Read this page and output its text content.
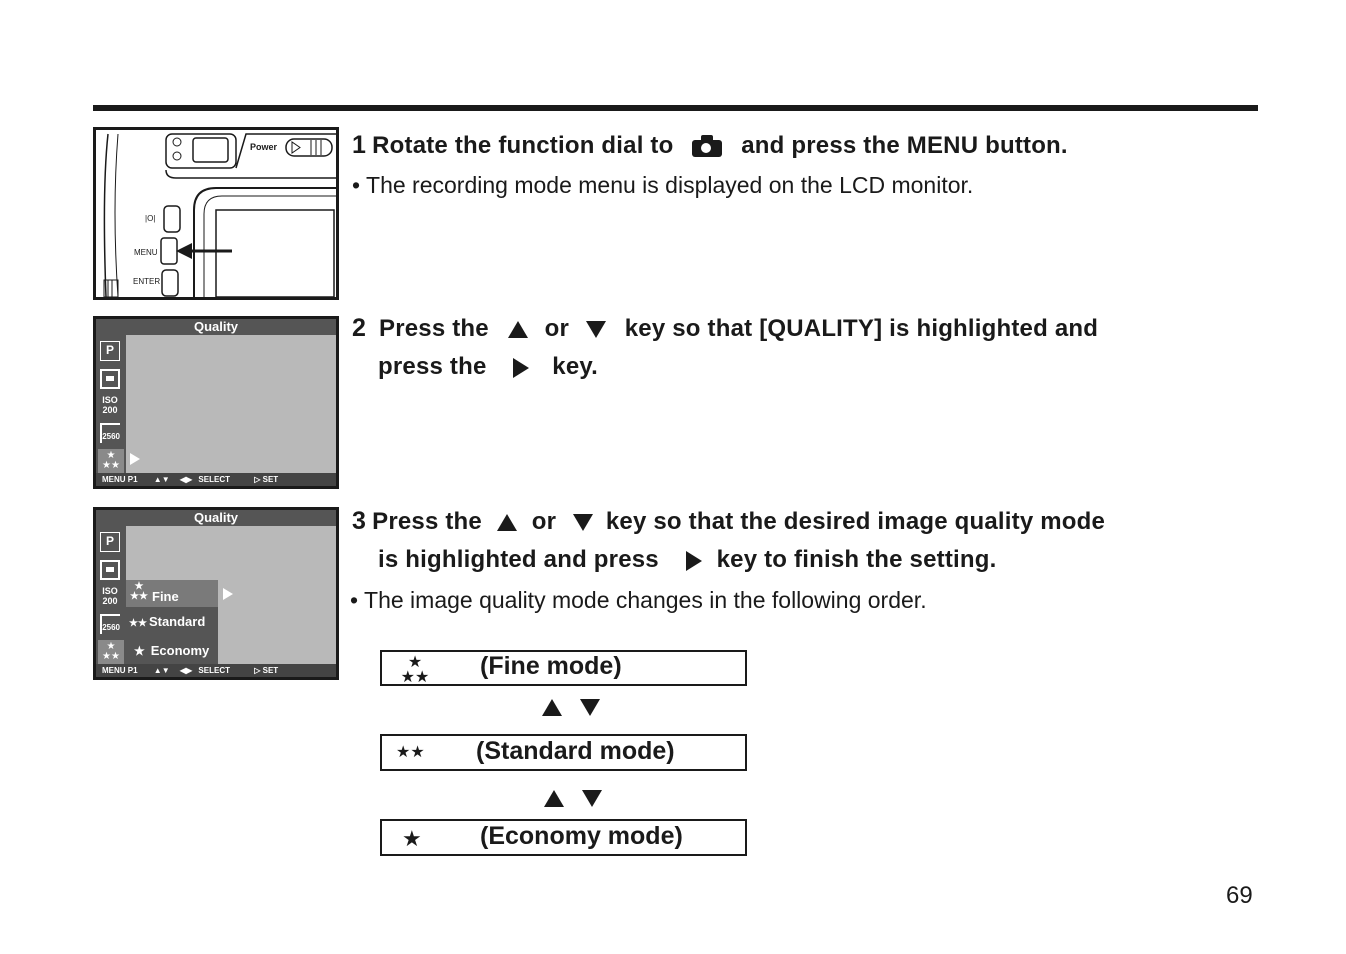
Power
|O|
MENU
ENTER
Quality
P
ISO 200
2560
★
★★
MENU P1 ▲▼ ◀▶ SELECT	▷ SET
Quality
P
ISO 200
2560
★
★★
★
★★ Fine
★★ Standard
★ Economy
MENU P1 ▲▼ ◀▶ SELECT	▷ SET
1 Rotate the function dial to	and press the MENU button.
• The recording mode menu is displayed on the LCD monitor.
2 Press the or key so that [QUALITY] is highlighted and
press the	key.
3 Press the or key so that the desired image quality mode
is highlighted and press key to finish the setting.
• The image quality mode changes in the following order.
★
★★ (Fine mode)

★★ (Standard mode)

★ (Economy mode)
69
